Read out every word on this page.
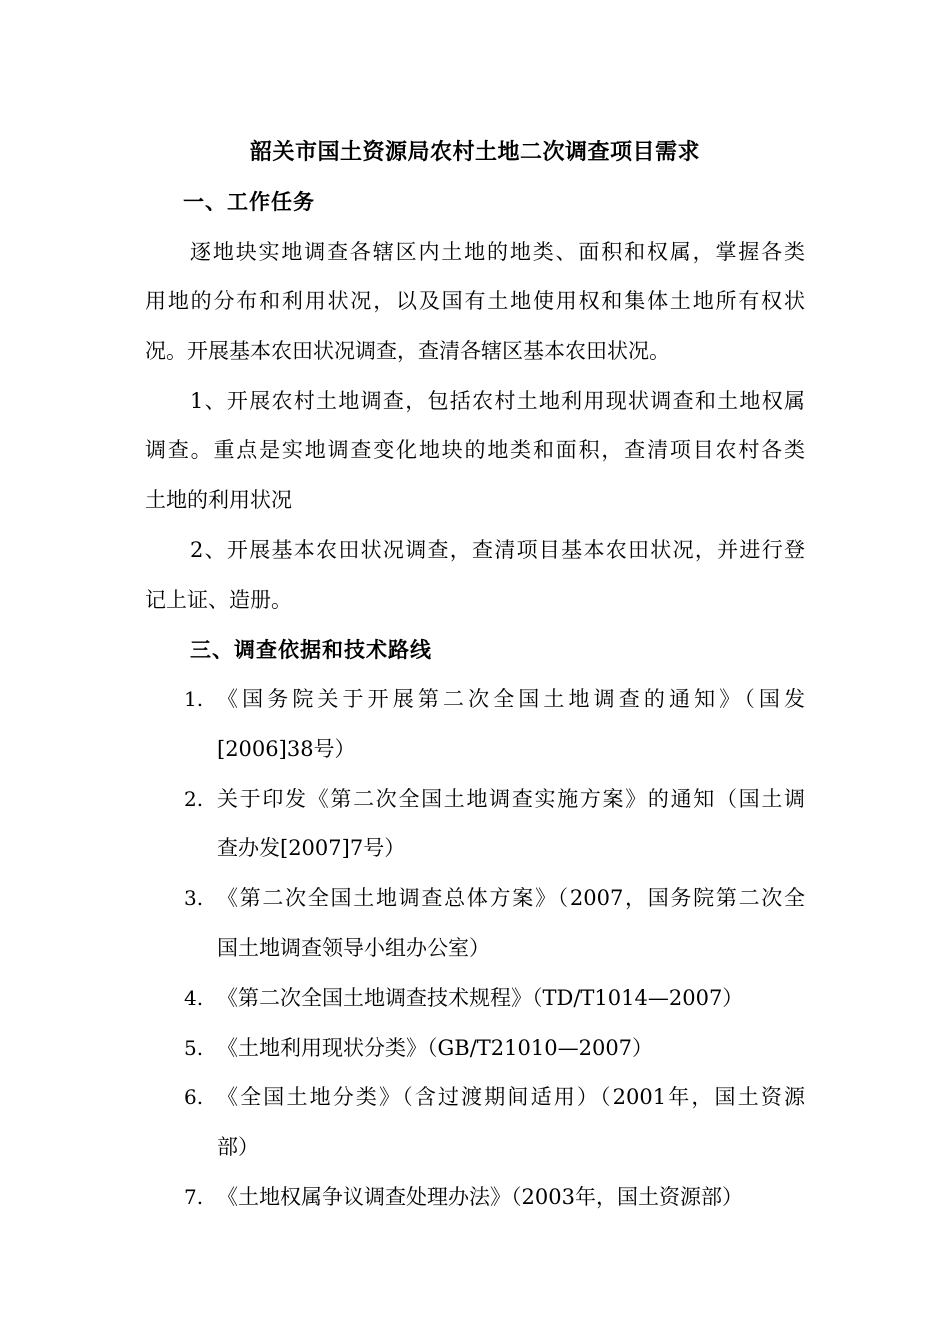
韶关市国土资源局农村土地二次调查项目需求
一、工作任务
逐地块实地调查各辖区内土地的地类、面积和权属，掌握各类
用地的分布和利用状况，以及国有土地使用权和集体土地所有权状
况。开展基本农田状况调查，查清各辖区基本农田状况。
1、开展农村土地调查，包括农村土地利用现状调查和土地权属
调查。重点是实地调查变化地块的地类和面积，查清项目农村各类
土地的利用状况
2、开展基本农田状况调查，查清项目基本农田状况，并进行登
记上证、造册。
三、调查依据和技术路线
1. 《国务院关于开展第二次全国土地调查的通知》（国发
[2006]38号）
2. 关于印发《第二次全国土地调查实施方案》的通知（国土调
查办发[2007]7号）
3. 《第二次全国土地调查总体方案》（2007，国务院第二次全
国土地调查领导小组办公室）
4. 《第二次全国土地调查技术规程》（TD/T1014—2007）
5. 《土地利用现状分类》（GB/T21010—2007）
6. 《全国土地分类》（含过渡期间适用）（2001年，国土资源
部）
7. 《土地权属争议调查处理办法》（2003年，国土资源部）
